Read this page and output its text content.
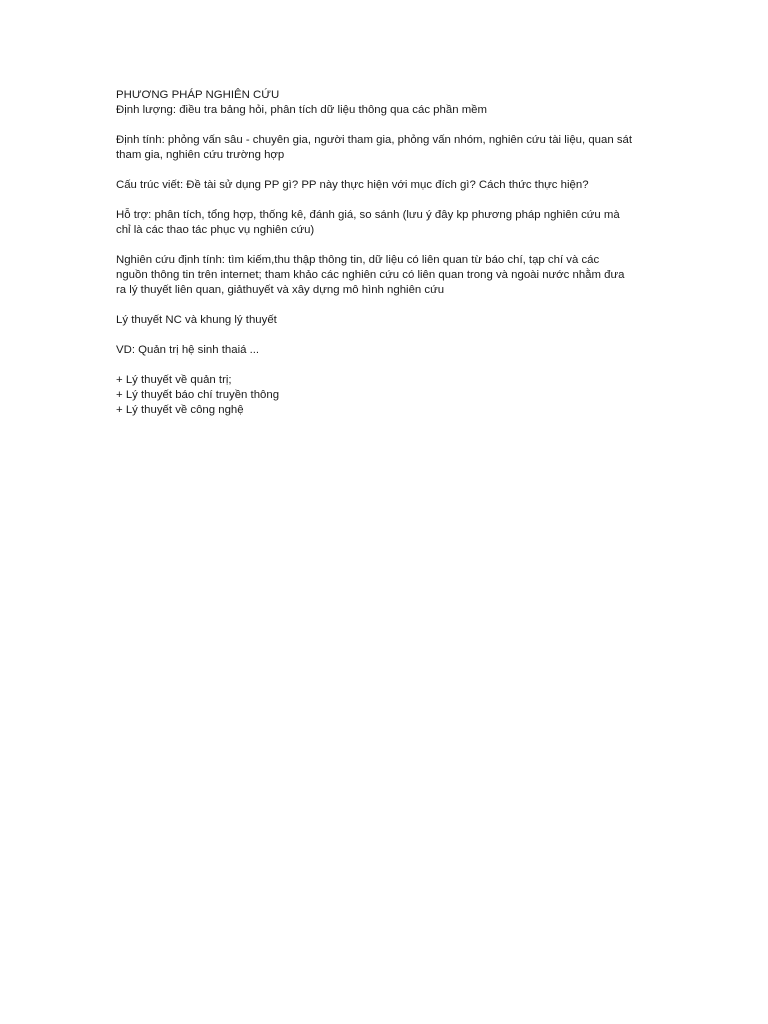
PHƯƠNG PHÁP NGHIÊN CỨU

Định lượng: điều tra bảng hỏi, phân tích dữ liệu thông qua các phần mềm

Định tính: phỏng vấn sâu - chuyên gia, người tham gia, phỏng vấn nhóm, nghiên cứu tài liệu, quan sát
tham gia, nghiên cứu trường hợp

Cấu trúc viết: Đề tài sử dụng PP gì? PP này thực hiện với mục đích gì? Cách thức thực hiện?

Hỗ trợ: phân tích, tổng hợp, thống kê, đánh giá, so sánh (lưu ý đây kp phương pháp nghiên cứu mà
chỉ là các thao tác phục vụ nghiên cứu)

Nghiên cứu định tính: tìm kiếm,thu thập thông tin, dữ liệu có liên quan từ báo chí, tạp chí và các
nguồn thông tin trên internet; tham khảo các nghiên cứu có liên quan trong và ngoài nước nhằm đưa
ra lý thuyết liên quan, giảthuyết và xây dựng mô hình nghiên cứu

Lý thuyết NC và khung lý thuyết

VD: Quản trị hệ sinh thaiá ...

+ Lý thuyết về quản trị;
+ Lý thuyết báo chí truyền thông
+ Lý thuyết về công nghệ
